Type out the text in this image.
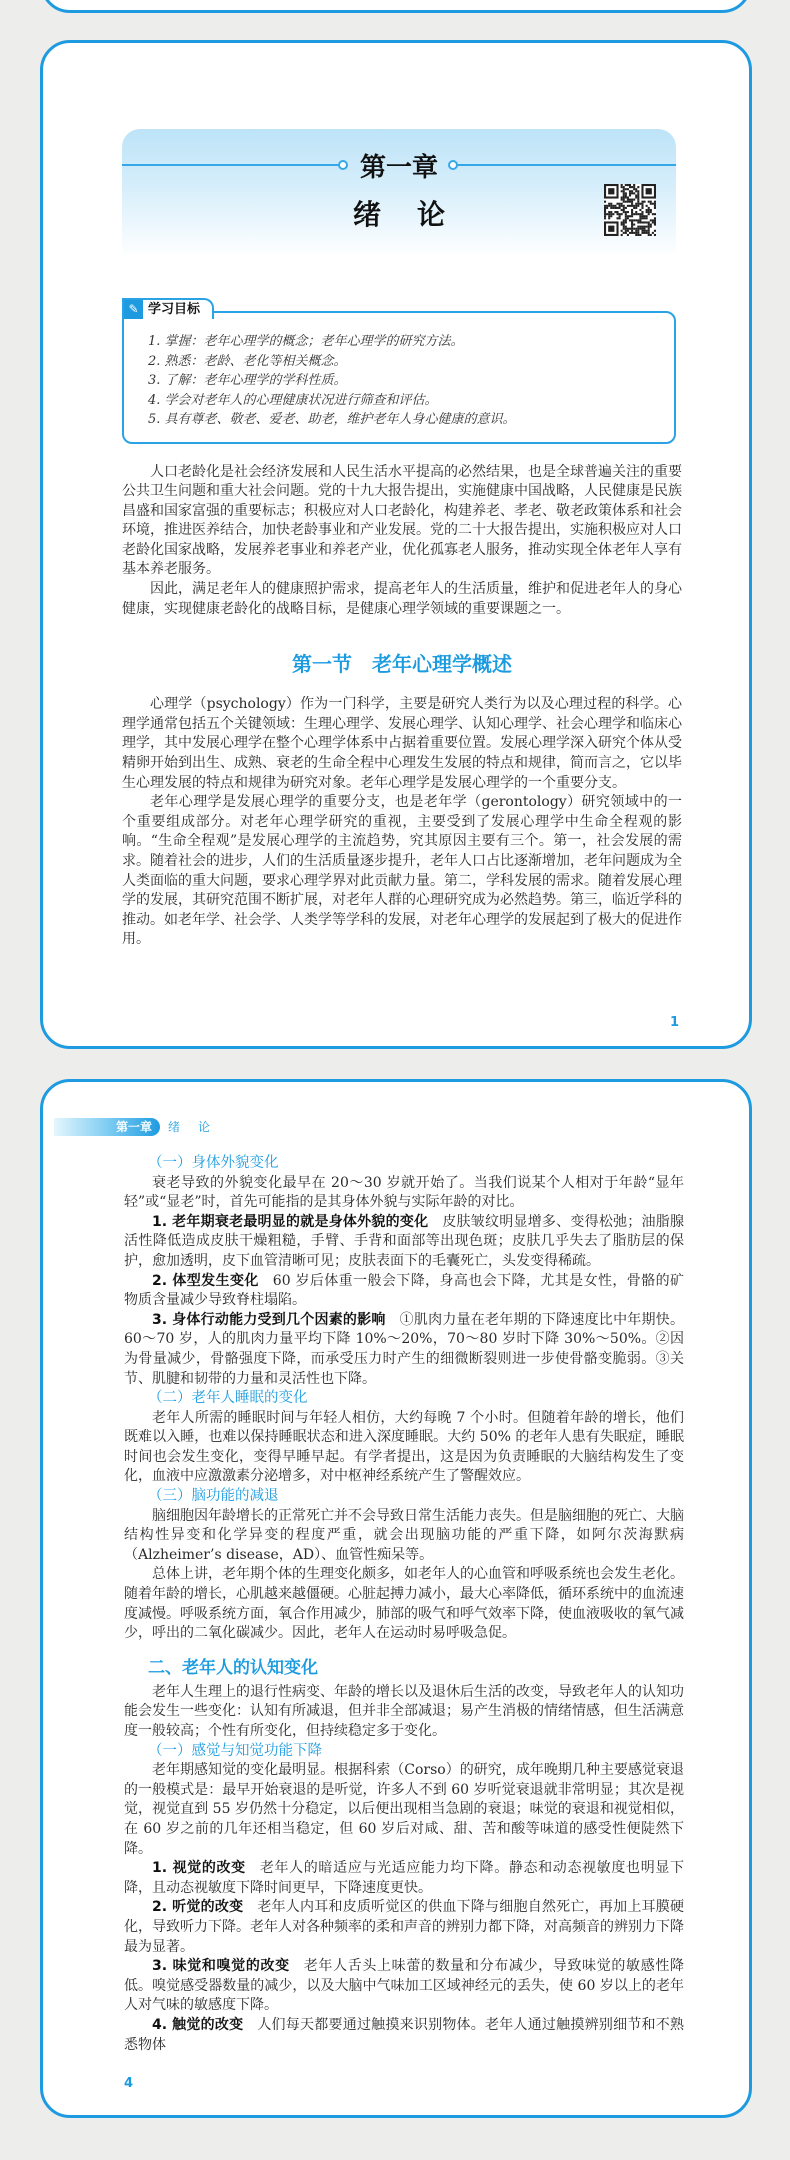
第一章
绪论
✎ 学习目标
1. 掌握：老年心理学的概念；老年心理学的研究方法。
2. 熟悉：老龄、老化等相关概念。
3. 了解：老年心理学的学科性质。
4. 学会对老年人的心理健康状况进行筛查和评估。
5. 具有尊老、敬老、爱老、助老，维护老年人身心健康的意识。

人口老龄化是社会经济发展和人民生活水平提高的必然结果，也是全球普遍关注的重要公共卫生问题和重大社会问题。党的十九大报告提出，实施健康中国战略，人民健康是民族昌盛和国家富强的重要标志；积极应对人口老龄化，构建养老、孝老、敬老政策体系和社会环境，推进医养结合，加快老龄事业和产业发展。党的二十大报告提出，实施积极应对人口老龄化国家战略，发展养老事业和养老产业，优化孤寡老人服务，推动实现全体老年人享有基本养老服务。

因此，满足老年人的健康照护需求，提高老年人的生活质量，维护和促进老年人的身心健康，实现健康老龄化的战略目标，是健康心理学领域的重要课题之一。

第一节　老年心理学概述

心理学（psychology）作为一门科学，主要是研究人类行为以及心理过程的科学。心理学通常包括五个关键领域：生理心理学、发展心理学、认知心理学、社会心理学和临床心理学，其中发展心理学在整个心理学体系中占据着重要位置。发展心理学深入研究个体从受精卵开始到出生、成熟、衰老的生命全程中心理发生发展的特点和规律，简而言之，它以毕生心理发展的特点和规律为研究对象。老年心理学是发展心理学的一个重要分支。

老年心理学是发展心理学的重要分支，也是老年学（gerontology）研究领域中的一个重要组成部分。对老年心理学研究的重视，主要受到了发展心理学中生命全程观的影响。“生命全程观”是发展心理学的主流趋势，究其原因主要有三个。第一，社会发展的需求。随着社会的进步，人们的生活质量逐步提升，老年人口占比逐渐增加，老年问题成为全人类面临的重大问题，要求心理学界对此贡献力量。第二，学科发展的需求。随着发展心理学的发展，其研究范围不断扩展，对老年人群的心理研究成为必然趋势。第三，临近学科的推动。如老年学、社会学、人类学等学科的发展，对老年心理学的发展起到了极大的促进作用。

1
第一章 绪论
（一）身体外貌变化

衰老导致的外貌变化最早在 20～30 岁就开始了。当我们说某个人相对于年龄“显年轻”或“显老”时，首先可能指的是其身体外貌与实际年龄的对比。

1. 老年期衰老最明显的就是身体外貌的变化 皮肤皱纹明显增多、变得松弛；油脂腺活性降低造成皮肤干燥粗糙，手臂、手背和面部等出现色斑；皮肤几乎失去了脂肪层的保护，愈加透明，皮下血管清晰可见；皮肤表面下的毛囊死亡，头发变得稀疏。

2. 体型发生变化 60 岁后体重一般会下降，身高也会下降，尤其是女性，骨骼的矿物质含量减少导致脊柱塌陷。

3. 身体行动能力受到几个因素的影响 ①肌肉力量在老年期的下降速度比中年期快。60～70 岁，人的肌肉力量平均下降 10%～20%，70～80 岁时下降 30%～50%。②因为骨量减少，骨骼强度下降，而承受压力时产生的细微断裂则进一步使骨骼变脆弱。③关节、肌腱和韧带的力量和灵活性也下降。

（二）老年人睡眠的变化

老年人所需的睡眠时间与年轻人相仿，大约每晚 7 个小时。但随着年龄的增长，他们既难以入睡，也难以保持睡眠状态和进入深度睡眠。大约 50% 的老年人患有失眠症，睡眠时间也会发生变化，变得早睡早起。有学者提出，这是因为负责睡眠的大脑结构发生了变化，血液中应激激素分泌增多，对中枢神经系统产生了警醒效应。

（三）脑功能的减退

脑细胞因年龄增长的正常死亡并不会导致日常生活能力丧失。但是脑细胞的死亡、大脑结构性异变和化学异变的程度严重，就会出现脑功能的严重下降，如阿尔茨海默病（Alzheimer’s disease，AD）、血管性痴呆等。

总体上讲，老年期个体的生理变化颇多，如老年人的心血管和呼吸系统也会发生老化。随着年龄的增长，心肌越来越僵硬。心脏起搏力减小，最大心率降低，循环系统中的血流速度减慢。呼吸系统方面，氧合作用减少，肺部的吸气和呼气效率下降，使血液吸收的氧气减少，呼出的二氧化碳减少。因此，老年人在运动时易呼吸急促。

二、老年人的认知变化

老年人生理上的退行性病变、年龄的增长以及退休后生活的改变，导致老年人的认知功能会发生一些变化：认知有所减退，但并非全部减退；易产生消极的情绪情感，但生活满意度一般较高；个性有所变化，但持续稳定多于变化。

（一）感觉与知觉功能下降

老年期感知觉的变化最明显。根据科索（Corso）的研究，成年晚期几种主要感觉衰退的一般模式是：最早开始衰退的是听觉，许多人不到 60 岁听觉衰退就非常明显；其次是视觉，视觉直到 55 岁仍然十分稳定，以后便出现相当急剧的衰退；味觉的衰退和视觉相似，在 60 岁之前的几年还相当稳定，但 60 岁后对咸、甜、苦和酸等味道的感受性便陡然下降。

1. 视觉的改变 老年人的暗适应与光适应能力均下降。静态和动态视敏度也明显下降，且动态视敏度下降时间更早，下降速度更快。

2. 听觉的改变 老年人内耳和皮质听觉区的供血下降与细胞自然死亡，再加上耳膜硬化，导致听力下降。老年人对各种频率的柔和声音的辨别力都下降，对高频音的辨别力下降最为显著。

3. 味觉和嗅觉的改变 老年人舌头上味蕾的数量和分布减少，导致味觉的敏感性降低。嗅觉感受器数量的减少，以及大脑中气味加工区域神经元的丢失，使 60 岁以上的老年人对气味的敏感度下降。

4. 触觉的改变 人们每天都要通过触摸来识别物体。老年人通过触摸辨别细节和不熟悉物体

4
